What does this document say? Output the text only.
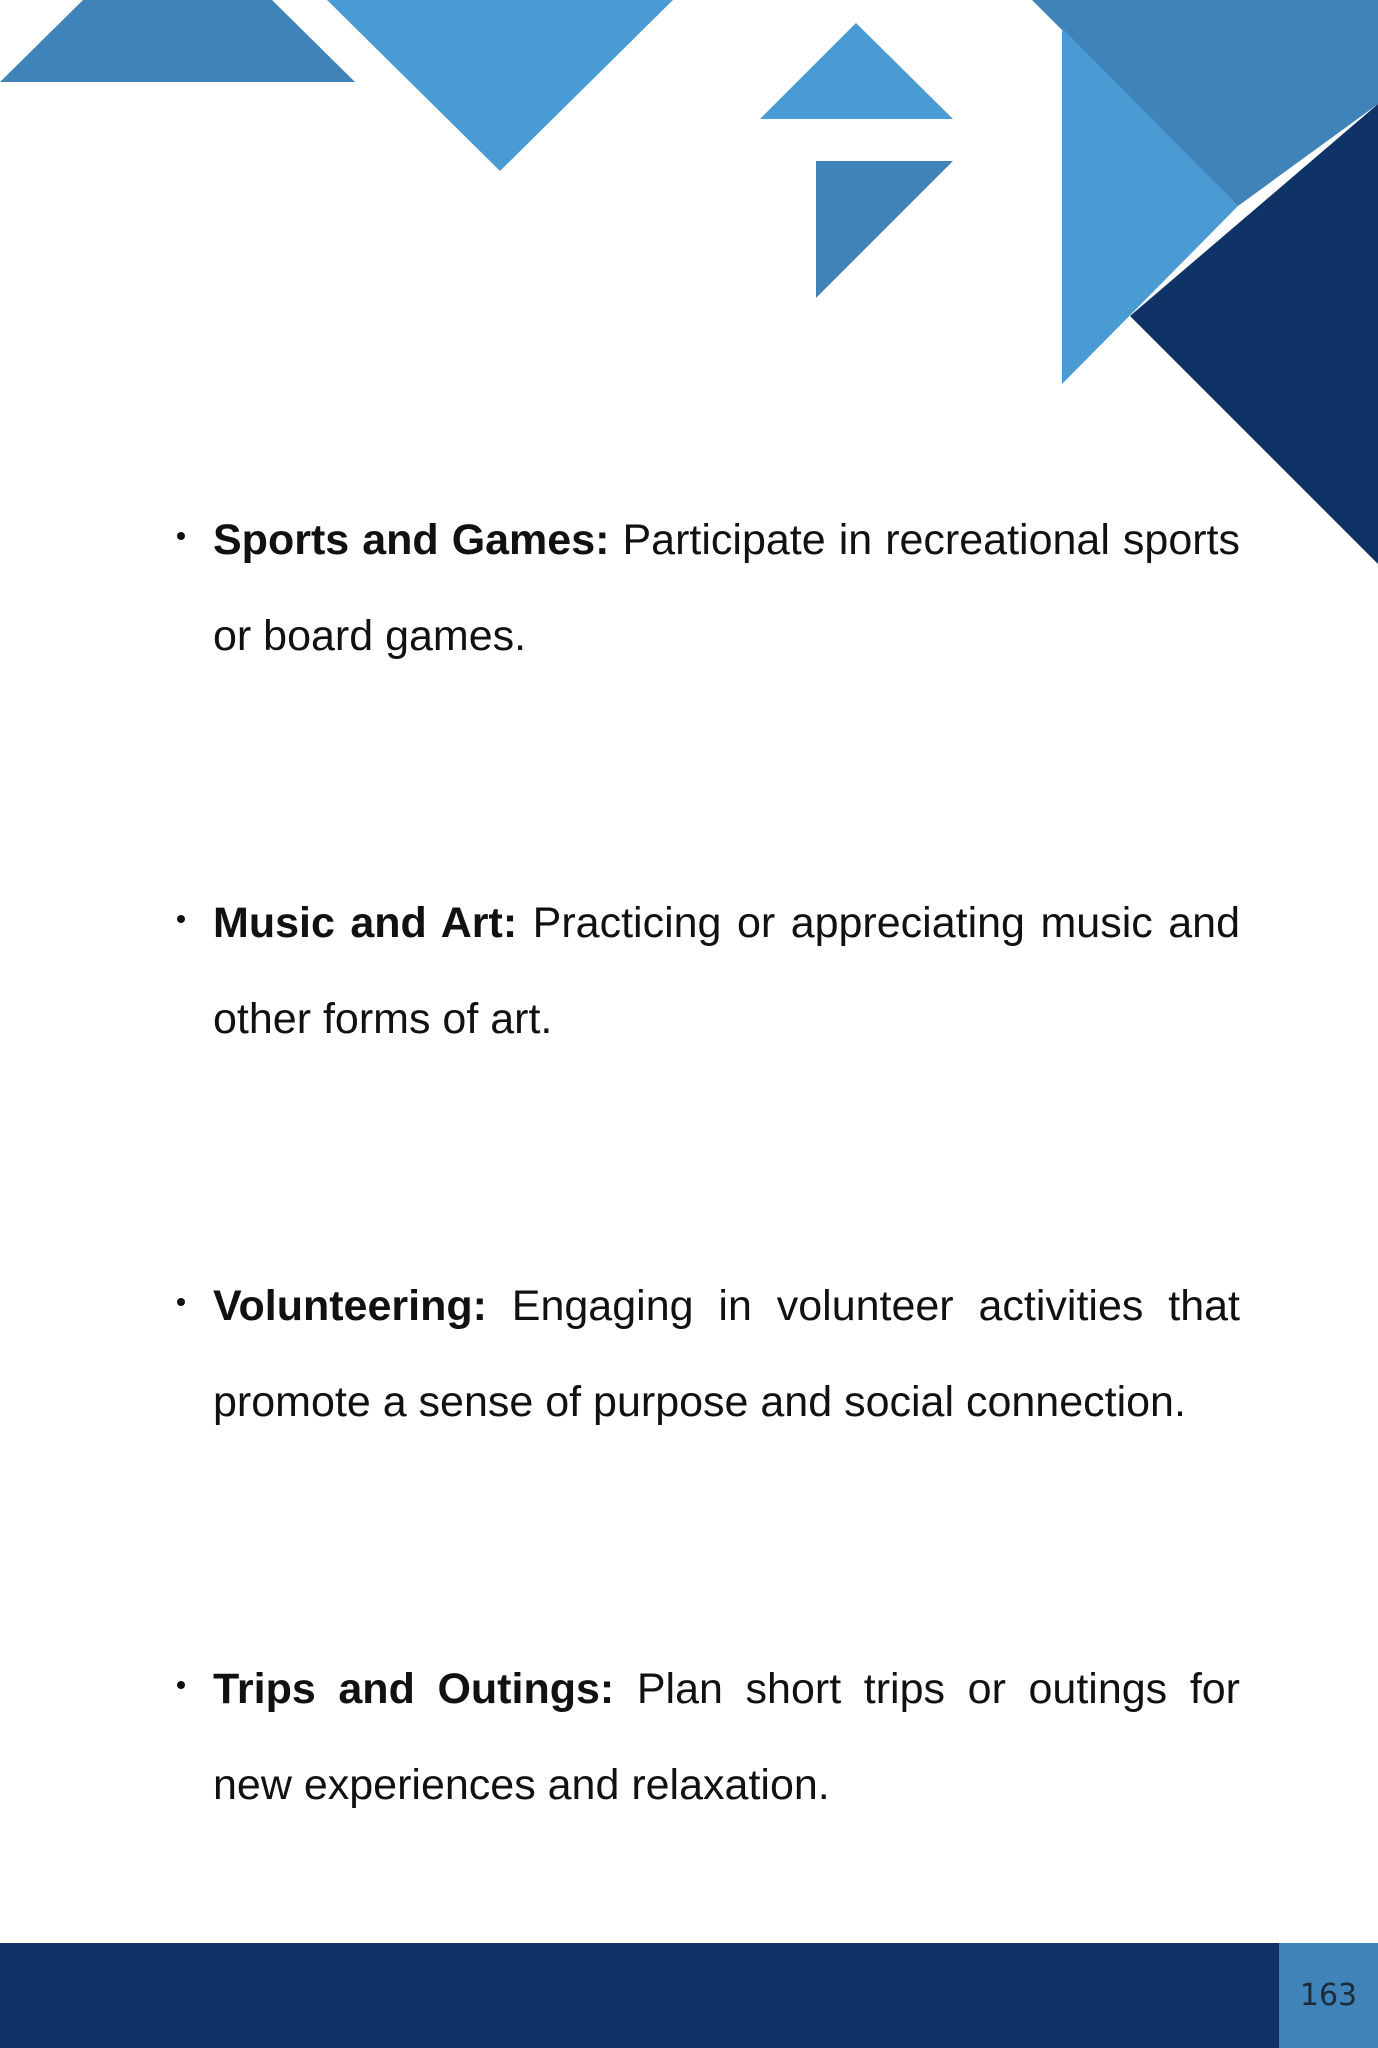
Sports and Games: Participate in recreational sports or board games.
Music and Art: Practicing or appreciating music and other forms of art.
Volunteering: Engaging in volunteer activities that promote a sense of purpose and social connection.
Trips and Outings: Plan short trips or outings for new experiences and relaxation.
163
